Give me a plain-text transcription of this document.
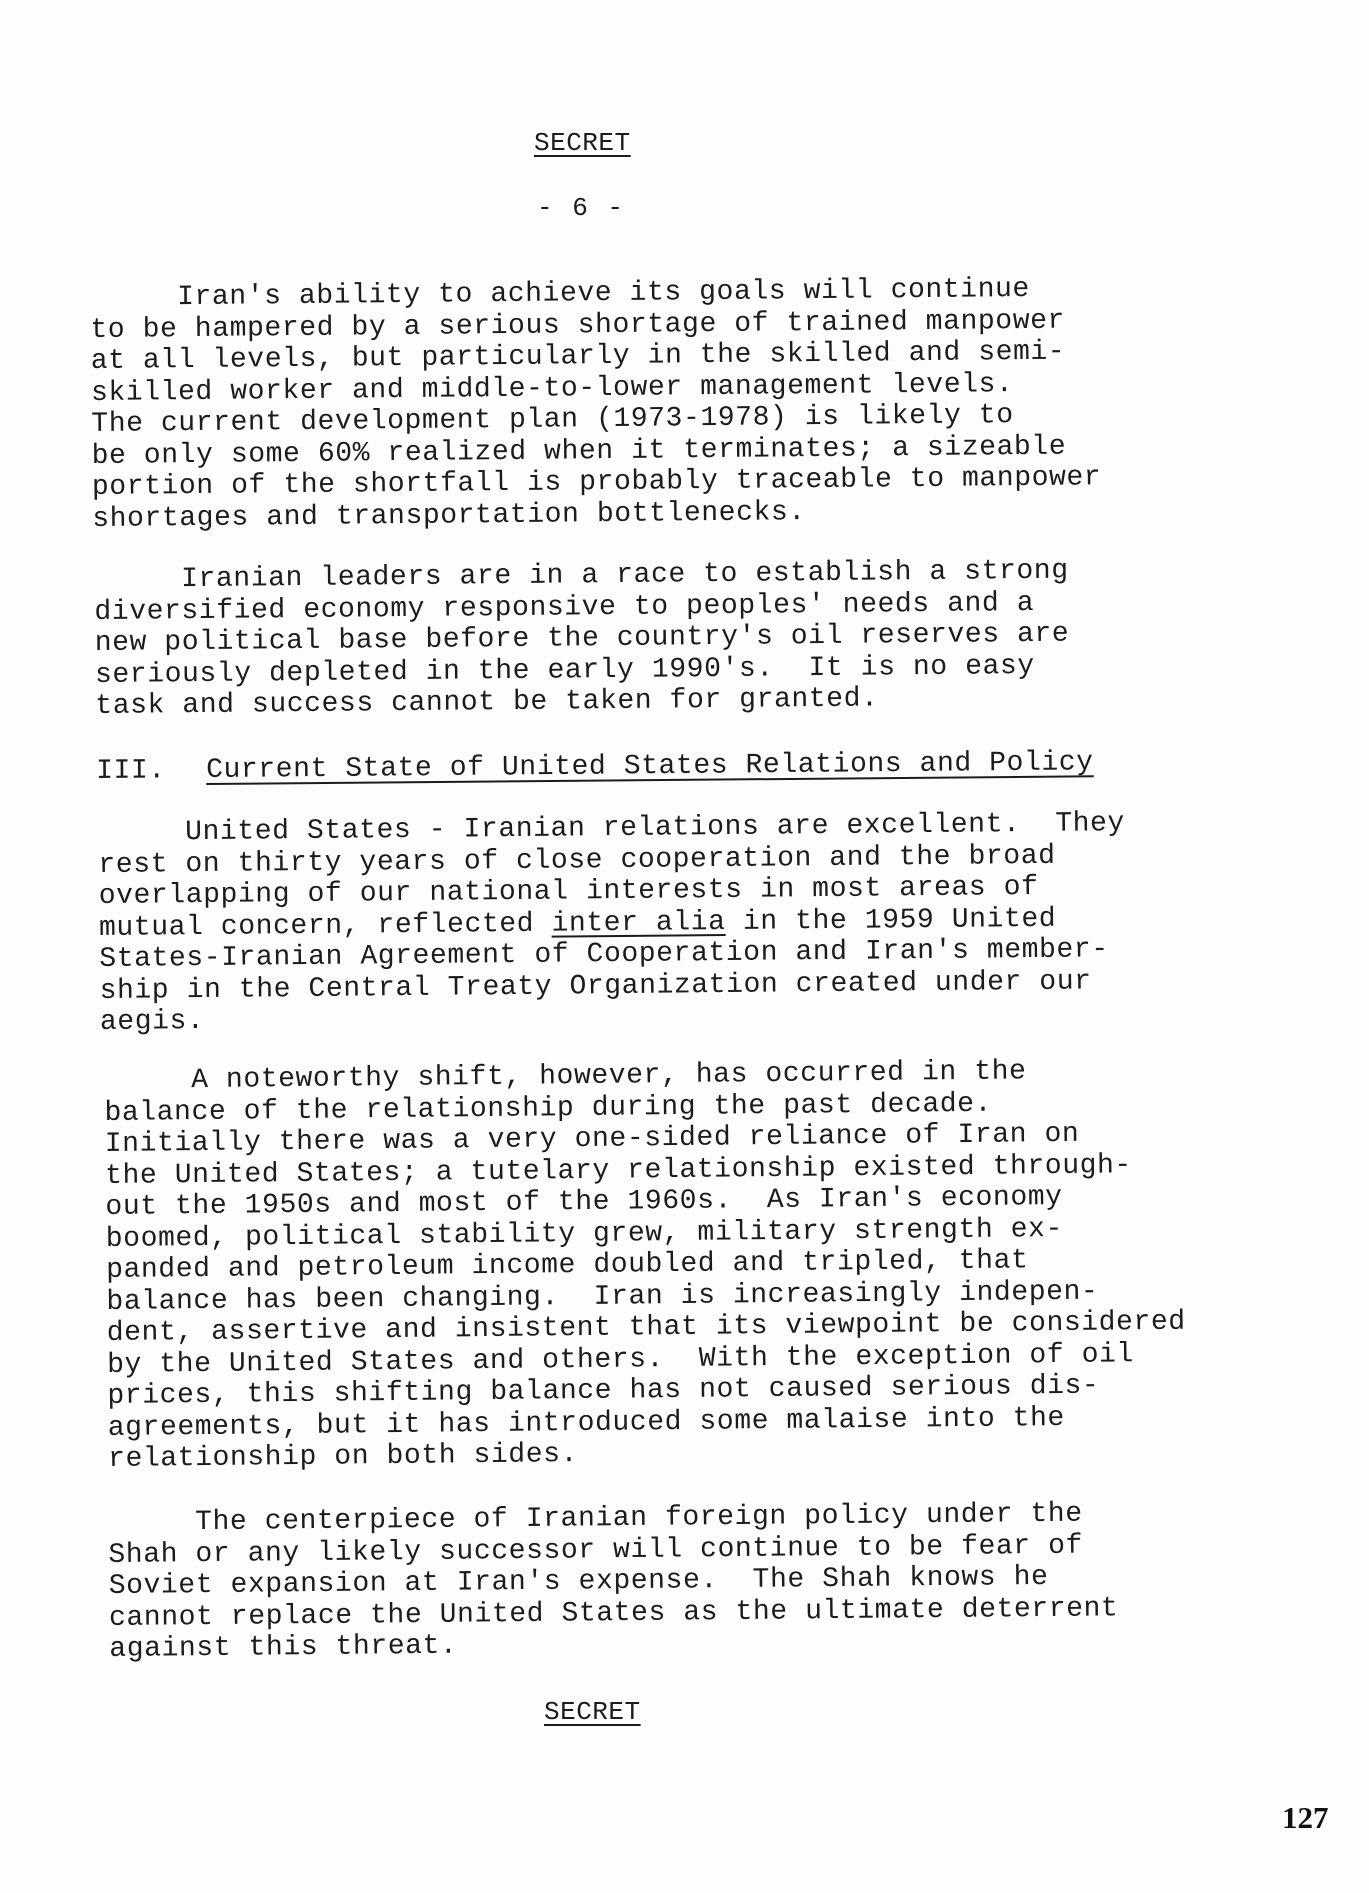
SECRET
- 6 -

Iran's ability to achieve its goals will continue
to be hampered by a serious shortage of trained manpower
at all levels, but particularly in the skilled and semi-
skilled worker and middle-to-lower management levels.
The current development plan (1973-1978) is likely to
be only some 60% realized when it terminates; a sizeable
portion of the shortfall is probably traceable to manpower
shortages and transportation bottlenecks.

Iranian leaders are in a race to establish a strong
diversified economy responsive to peoples' needs and a
new political base before the country's oil reserves are
seriously depleted in the early 1990's.  It is no easy
task and success cannot be taken for granted.

III. Current State of United States Relations and Policy

United States - Iranian relations are excellent.  They
rest on thirty years of close cooperation and the broad
overlapping of our national interests in most areas of
mutual concern, reflected inter alia in the 1959 United
States-Iranian Agreement of Cooperation and Iran's member-
ship in the Central Treaty Organization created under our
aegis.

A noteworthy shift, however, has occurred in the
balance of the relationship during the past decade.
Initially there was a very one-sided reliance of Iran on
the United States; a tutelary relationship existed through-
out the 1950s and most of the 1960s.  As Iran's economy
boomed, political stability grew, military strength ex-
panded and petroleum income doubled and tripled, that
balance has been changing.  Iran is increasingly indepen-
dent, assertive and insistent that its viewpoint be considered
by the United States and others.  With the exception of oil
prices, this shifting balance has not caused serious dis-
agreements, but it has introduced some malaise into the
relationship on both sides.

The centerpiece of Iranian foreign policy under the
Shah or any likely successor will continue to be fear of
Soviet expansion at Iran's expense.  The Shah knows he
cannot replace the United States as the ultimate deterrent
against this threat.

SECRET
127
